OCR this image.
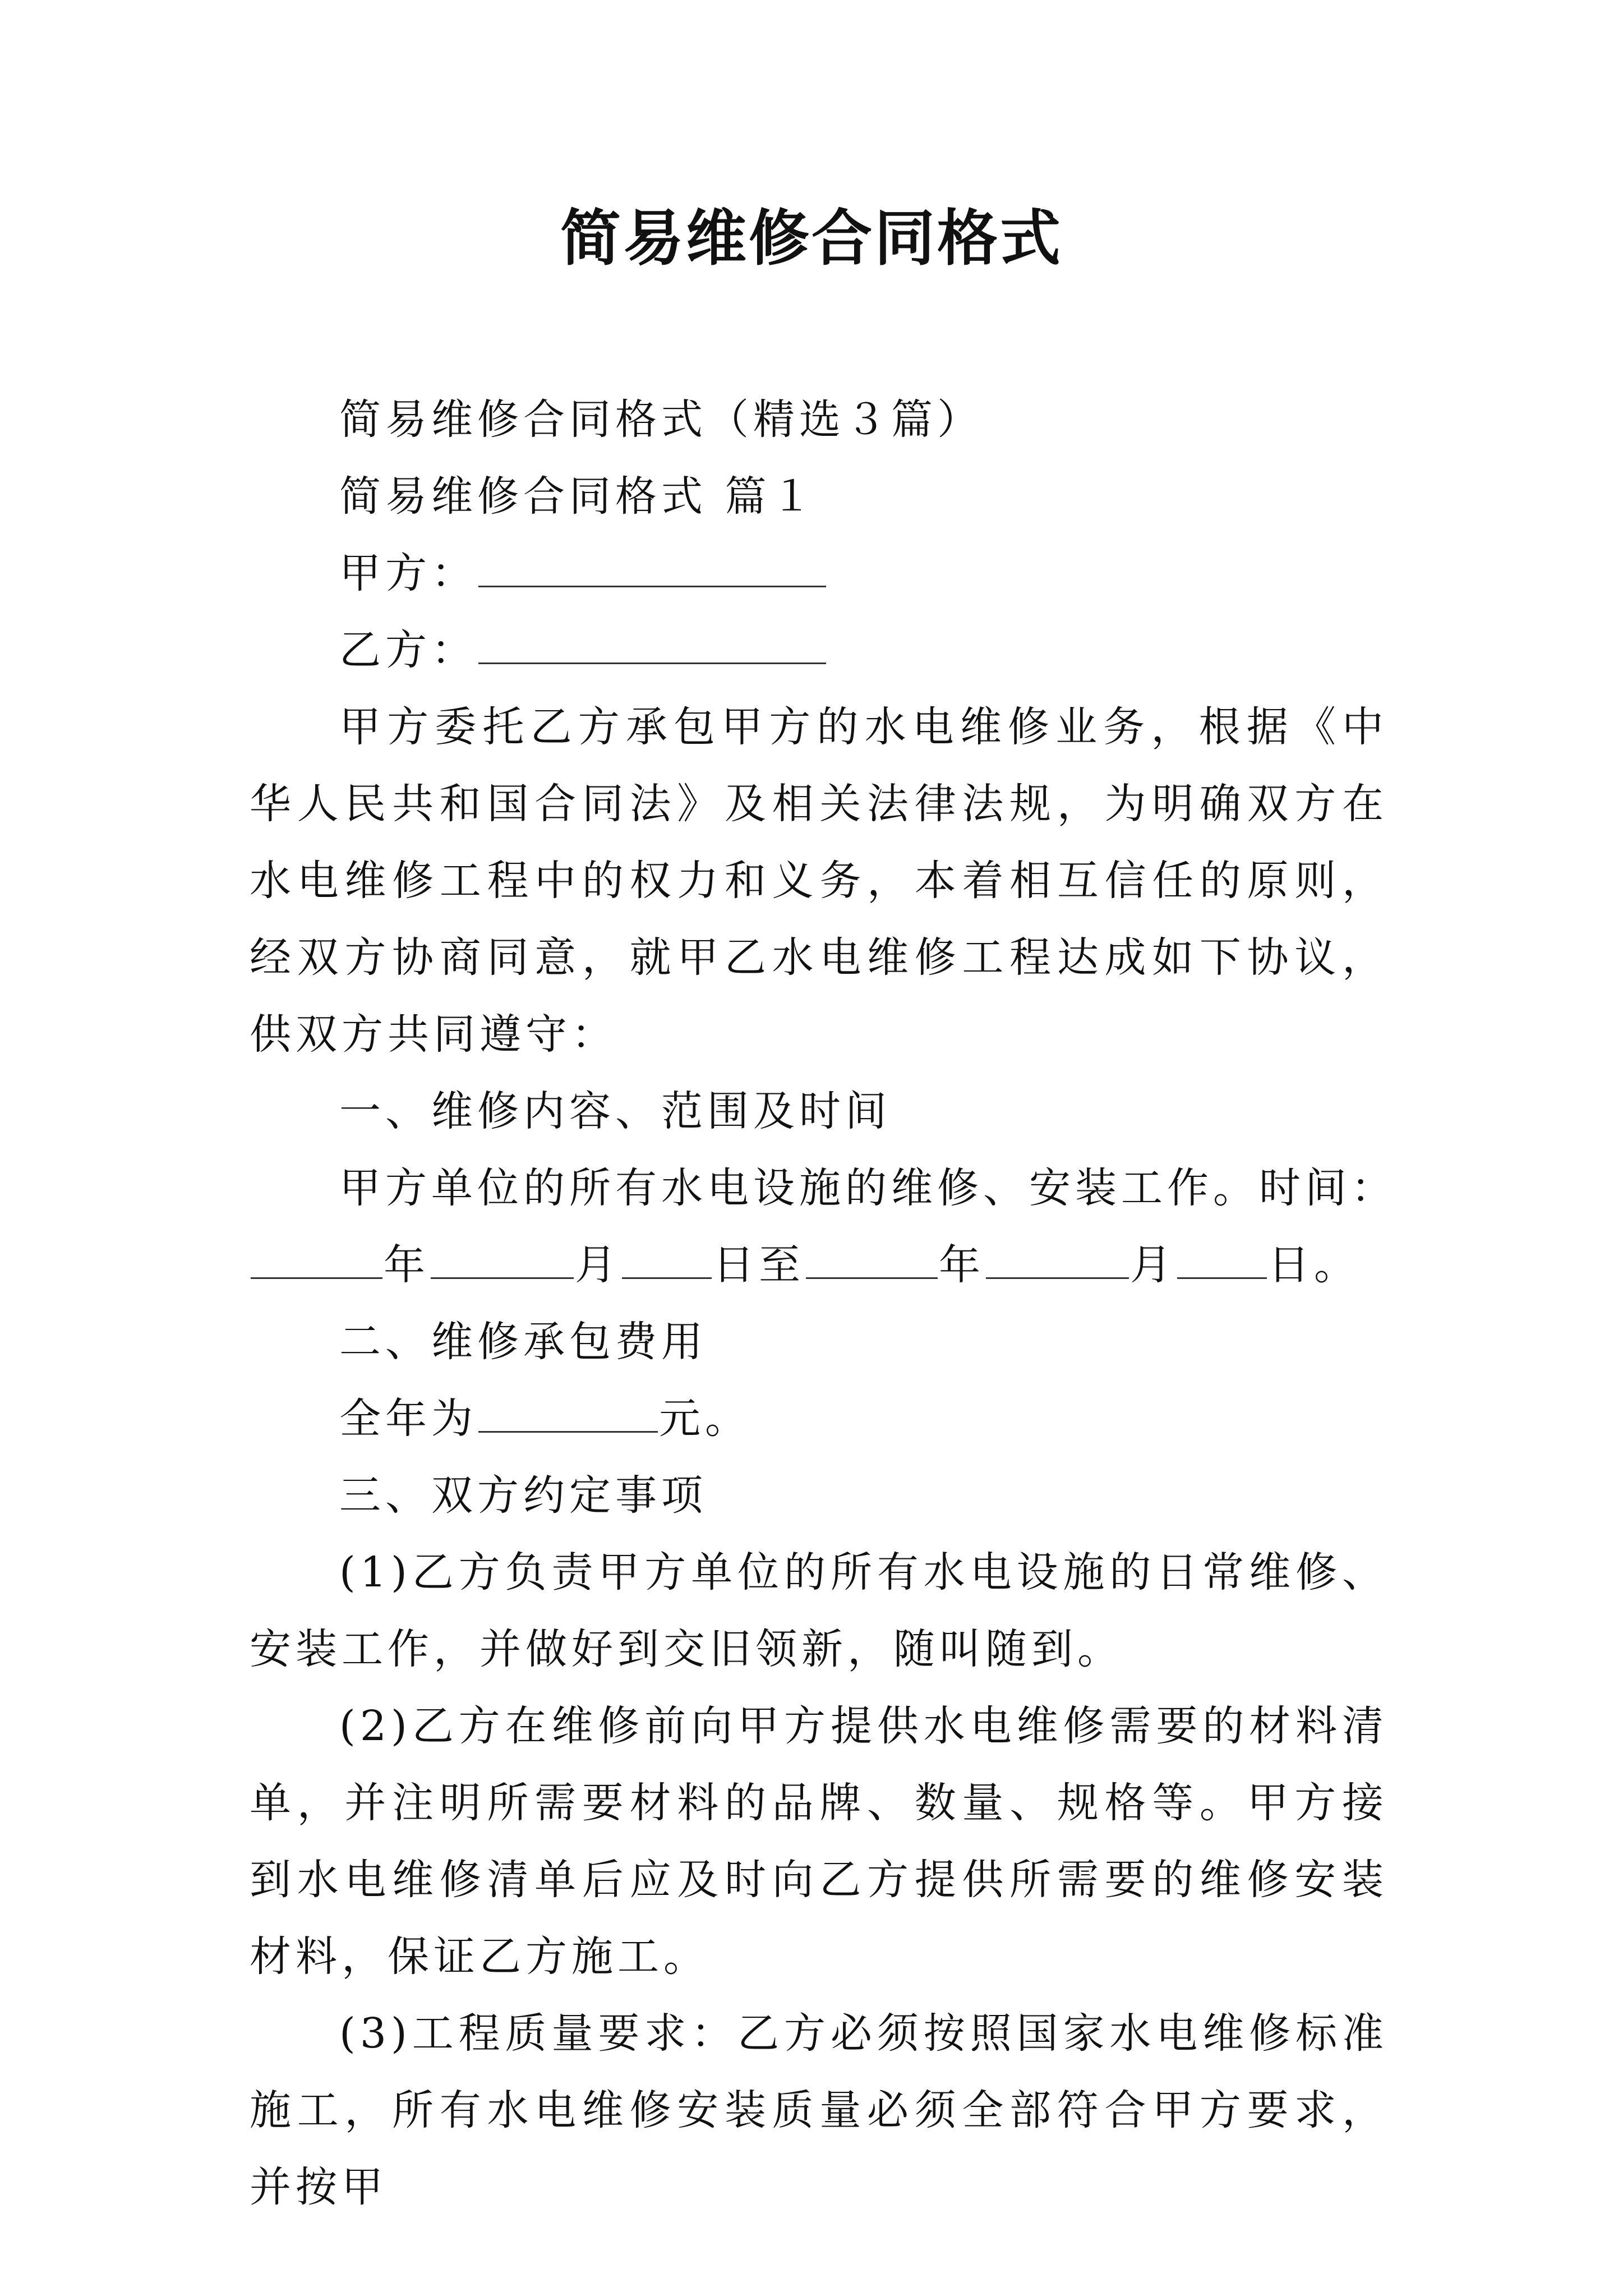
简易维修合同格式

简易维修合同格式（精选３篇）

简易维修合同格式 篇１

甲方：

乙方：

甲方委托乙方承包甲方的水电维修业务，根据《中华人民共和国合同法》及相关法律法规，为明确双方在水电维修工程中的权力和义务，本着相互信任的原则，经双方协商同意，就甲乙水电维修工程达成如下协议，供双方共同遵守：

一、维修内容、范围及时间

甲方单位的所有水电设施的维修、安装工作。时间：

年	月 日至	年	月 日。

二、维修承包费用

全年为	元。

三、双方约定事项

(1)乙方负责甲方单位的所有水电设施的日常维修、安装工作，并做好到交旧领新，随叫随到。

(2)乙方在维修前向甲方提供水电维修需要的材料清单，并注明所需要材料的品牌、数量、规格等。甲方接到水电维修清单后应及时向乙方提供所需要的维修安装材料，保证乙方施工。

(3)工程质量要求：乙方必须按照国家水电维修标准施工，所有水电维修安装质量必须全部符合甲方要求，并按甲
